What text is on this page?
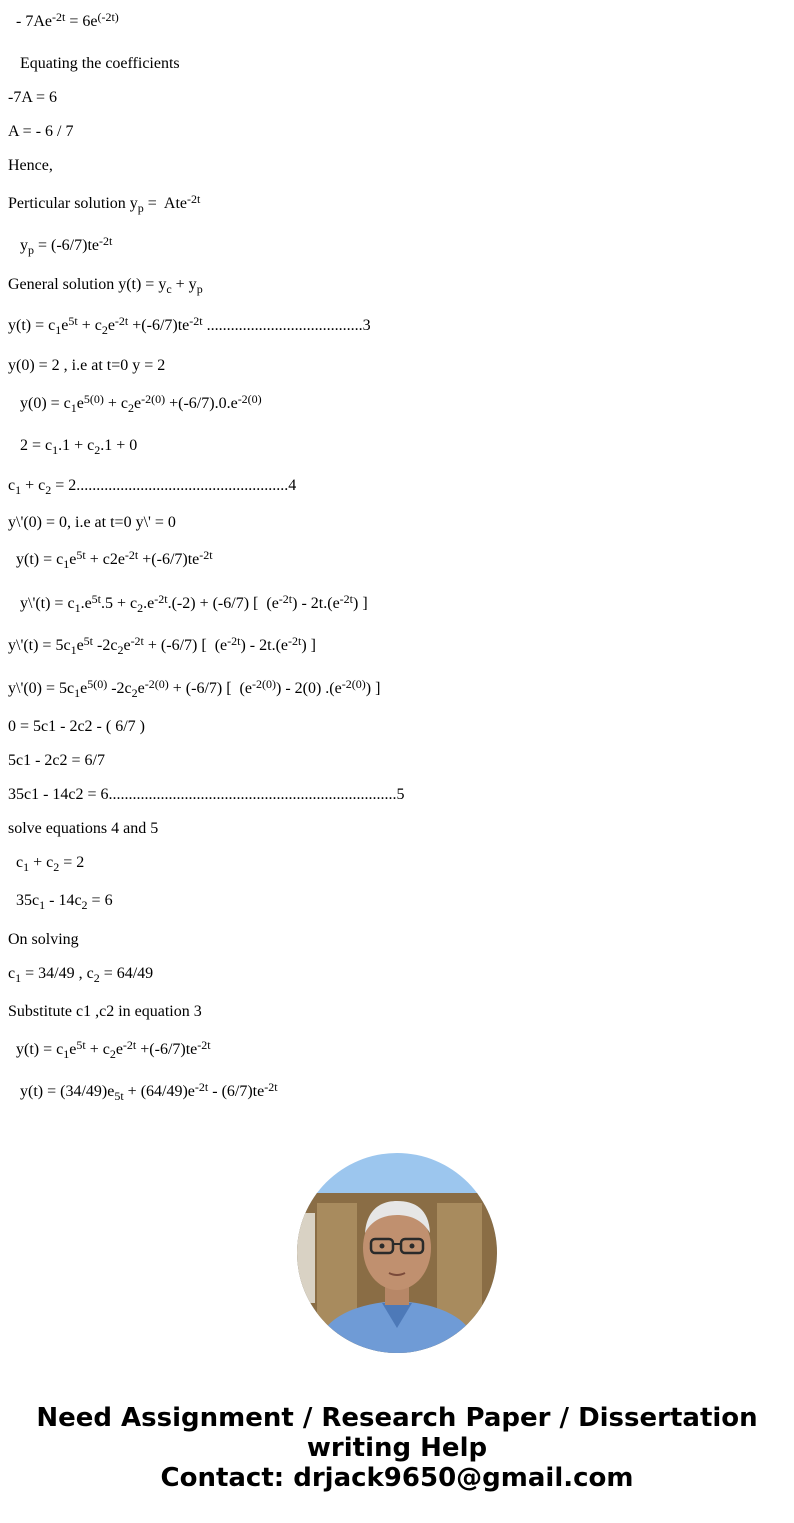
- $7Ae^{-2t} = 6e^{(-2t)}$
Equating the coefficients
-7A = 6
A = - 6 / 7
Hence,
Perticular solution $y_p = Ate^{-2t}$
$y_p = (-6/7)te^{-2t}$
General solution $y(t) = y_c + y_p$
$y(t) = c_1e^{5t} + c_2e^{-2t} +(-6/7)te^{-2t}$ .......................................3
y(0) = 2 , i.e at t=0 y = 2
$y(0) = c_1e^{5(0)} + c_2e^{-2(0)} +(-6/7).0.e^{-2(0)}$
$2 = c_1.1 + c_2.1 + 0$
$c_1 + c_2 = 2.....................................................4$
y\'(0) = 0, i.e at t=0 y\' = 0
$y(t) = c_1e^{5t} + c2e^{-2t} +(-6/7)te^{-2t}$
y\'(t) = $c_1.e^{5t}.5 + c_2.e^{-2t}.(-2) + (-6/7)$ [  $(e^{-2t}) - 2t.(e^{-2t})$ ]
y\'(t) = $5c_1e^{5t}$ $-2c_2e^{-2t} + (-6/7)$ [  $(e^{-2t}) - 2t.(e^{-2t})$ ]
y\'(0) = $5c_1e^{5(0)}$ $-2c_2e^{-2(0)} + (-6/7)$ [  $(e^{-2(0)}) - 2(0)$ $.(e^{-2(0)})$ ]
0 = 5c1 - 2c2 - ( 6/7 )
5c1 - 2c2 = 6/7
35c1 - 14c2 = 6........................................................................5
solve equations 4 and 5
$c_1 + c_2 = 2$
$35c_1 - 14c_2 = 6$
On solving
$c_1 = 34/49$ , $c_2 = 64/49$
Substitute c1 ,c2 in equation 3
$y(t) = c_1e^{5t} + c_2e^{-2t} +(-6/7)te^{-2t}$
$y(t) = (34/49)e_{5t} + (64/49)e^{-2t} - (6/7)te^{-2t}$
Need Assignment / Research Paper / Dissertation
writing Help
Contact: drjack9650@gmail.com
